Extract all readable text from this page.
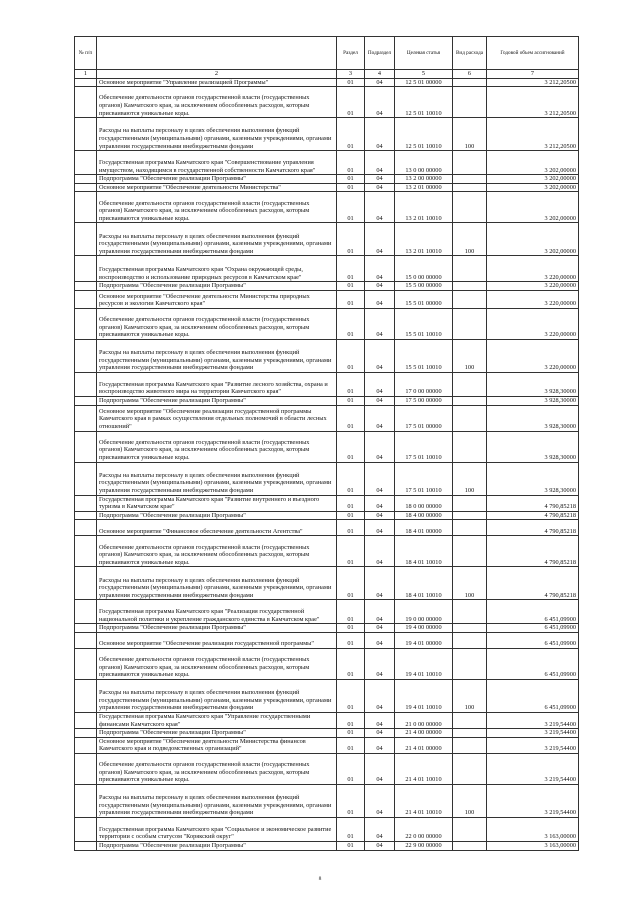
№ п/п		Раздел	Подраздел	Целевая статья	Вид расхода	Годовой объем ассигнований
1	2	3	4	5	6	7
	Основное мероприятие "Управление реализацией Программы"	01	04	12 5 01 00000		3 212,20500
	Обеспечение деятельности органов государственной власти (государственных органов) Камчатского края, за исключением обособленных расходов, которым присваиваются уникальные коды.	01	04	12 5 01 10010		3 212,20500
	Расходы на выплаты персоналу в целях обеспечения выполнения функций государственными (муниципальными) органами, казенными учреждениями, органами управления государственными внебюджетными фондами	01	04	12 5 01 10010	100	3 212,20500
	Государственная программа Камчатского края "Совершенствование управления имуществом, находящимся в государственной собственности Камчатского края"	01	04	13 0 00 00000		3 202,00000
	Подпрограмма "Обеспечение реализации Программы"	01	04	13 2 00 00000		3 202,00000
	Основное мероприятие "Обеспечение деятельности Министерства"	01	04	13 2 01 00000		3 202,00000
	Обеспечение деятельности органов государственной власти (государственных органов) Камчатского края, за исключением обособленных расходов, которым присваиваются уникальные коды.	01	04	13 2 01 10010		3 202,00000
	Расходы на выплаты персоналу в целях обеспечения выполнения функций государственными (муниципальными) органами, казенными учреждениями, органами управления государственными внебюджетными фондами	01	04	13 2 01 10010	100	3 202,00000
	Государственная программа Камчатского края "Охрана окружающей среды, воспроизводство и использование природных ресурсов в Камчатском крае"	01	04	15 0 00 00000		3 220,00000
	Подпрограмма "Обеспечение реализации Программы"	01	04	15 5 00 00000		3 220,00000
	Основное мероприятие "Обеспечение деятельности Министерства природных ресурсов и экологии Камчатского края"	01	04	15 5 01 00000		3 220,00000
	Обеспечение деятельности органов государственной власти (государственных органов) Камчатского края, за исключением обособленных расходов, которым присваиваются уникальные коды.	01	04	15 5 01 10010		3 220,00000
	Расходы на выплаты персоналу в целях обеспечения выполнения функций государственными (муниципальными) органами, казенными учреждениями, органами управления государственными внебюджетными фондами	01	04	15 5 01 10010	100	3 220,00000
	Государственная программа Камчатского края "Развитие лесного хозяйства, охрана и воспроизводство животного мира на территории Камчатского края"	01	04	17 0 00 00000		3 928,30000
	Подпрограмма "Обеспечение реализации Программы"	01	04	17 5 00 00000		3 928,30000
	Основное мероприятие "Обеспечение реализации государственной программы Камчатского края в рамках осуществления отдельных полномочий в области лесных отношений"	01	04	17 5 01 00000		3 928,30000
	Обеспечение деятельности органов государственной власти (государственных органов) Камчатского края, за исключением обособленных расходов, которым присваиваются уникальные коды.	01	04	17 5 01 10010		3 928,30000
	Расходы на выплаты персоналу в целях обеспечения выполнения функций государственными (муниципальными) органами, казенными учреждениями, органами управления государственными внебюджетными фондами	01	04	17 5 01 10010	100	3 928,30000
	Государственная программа Камчатского края "Развитие внутреннего и въездного туризма в Камчатском крае"	01	04	18 0 00 00000		4 790,85218
	Подпрограмма "Обеспечение реализации Программы"	01	04	18 4 00 00000		4 790,85218
	Основное мероприятие "Финансовое обеспечение деятельности Агентства"	01	04	18 4 01 00000		4 790,85218
	Обеспечение деятельности органов государственной власти (государственных органов) Камчатского края, за исключением обособленных расходов, которым присваиваются уникальные коды.	01	04	18 4 01 10010		4 790,85218
	Расходы на выплаты персоналу в целях обеспечения выполнения функций государственными (муниципальными) органами, казенными учреждениями, органами управления государственными внебюджетными фондами	01	04	18 4 01 10010	100	4 790,85218
	Государственная программа Камчатского края "Реализация государственной национальной политики и укрепление гражданского единства в Камчатском крае"	01	04	19 0 00 00000		6 451,09900
	Подпрограмма "Обеспечение реализации Программы"	01	04	19 4 00 00000		6 451,09900
	Основное мероприятие "Обеспечение реализации государственной программы"	01	04	19 4 01 00000		6 451,09900
	Обеспечение деятельности органов государственной власти (государственных органов) Камчатского края, за исключением обособленных расходов, которым присваиваются уникальные коды.	01	04	19 4 01 10010		6 451,09900
	Расходы на выплаты персоналу в целях обеспечения выполнения функций государственными (муниципальными) органами, казенными учреждениями, органами управления государственными внебюджетными фондами	01	04	19 4 01 10010	100	6 451,09900
	Государственная программа Камчатского края "Управление государственными финансами Камчатского края"	01	04	21 0 00 00000		3 219,54400
	Подпрограмма "Обеспечение реализации Программы"	01	04	21 4 00 00000		3 219,54400
	Основное мероприятие "Обеспечение деятельности Министерства финансов Камчатского края и подведомственных организаций"	01	04	21 4 01 00000		3 219,54400
	Обеспечение деятельности органов государственной власти (государственных органов) Камчатского края, за исключением обособленных расходов, которым присваиваются уникальные коды.	01	04	21 4 01 10010		3 219,54400
	Расходы на выплаты персоналу в целях обеспечения выполнения функций государственными (муниципальными) органами, казенными учреждениями, органами управления государственными внебюджетными фондами	01	04	21 4 01 10010	100	3 219,54400
	Государственная программа Камчатского края "Социальное и экономическое развитие территории с особым статусом "Корякский округ"	01	04	22 0 00 00000		3 163,00000
	Подпрограмма "Обеспечение реализации Программы"	01	04	22 9 00 00000		3 163,00000
8
